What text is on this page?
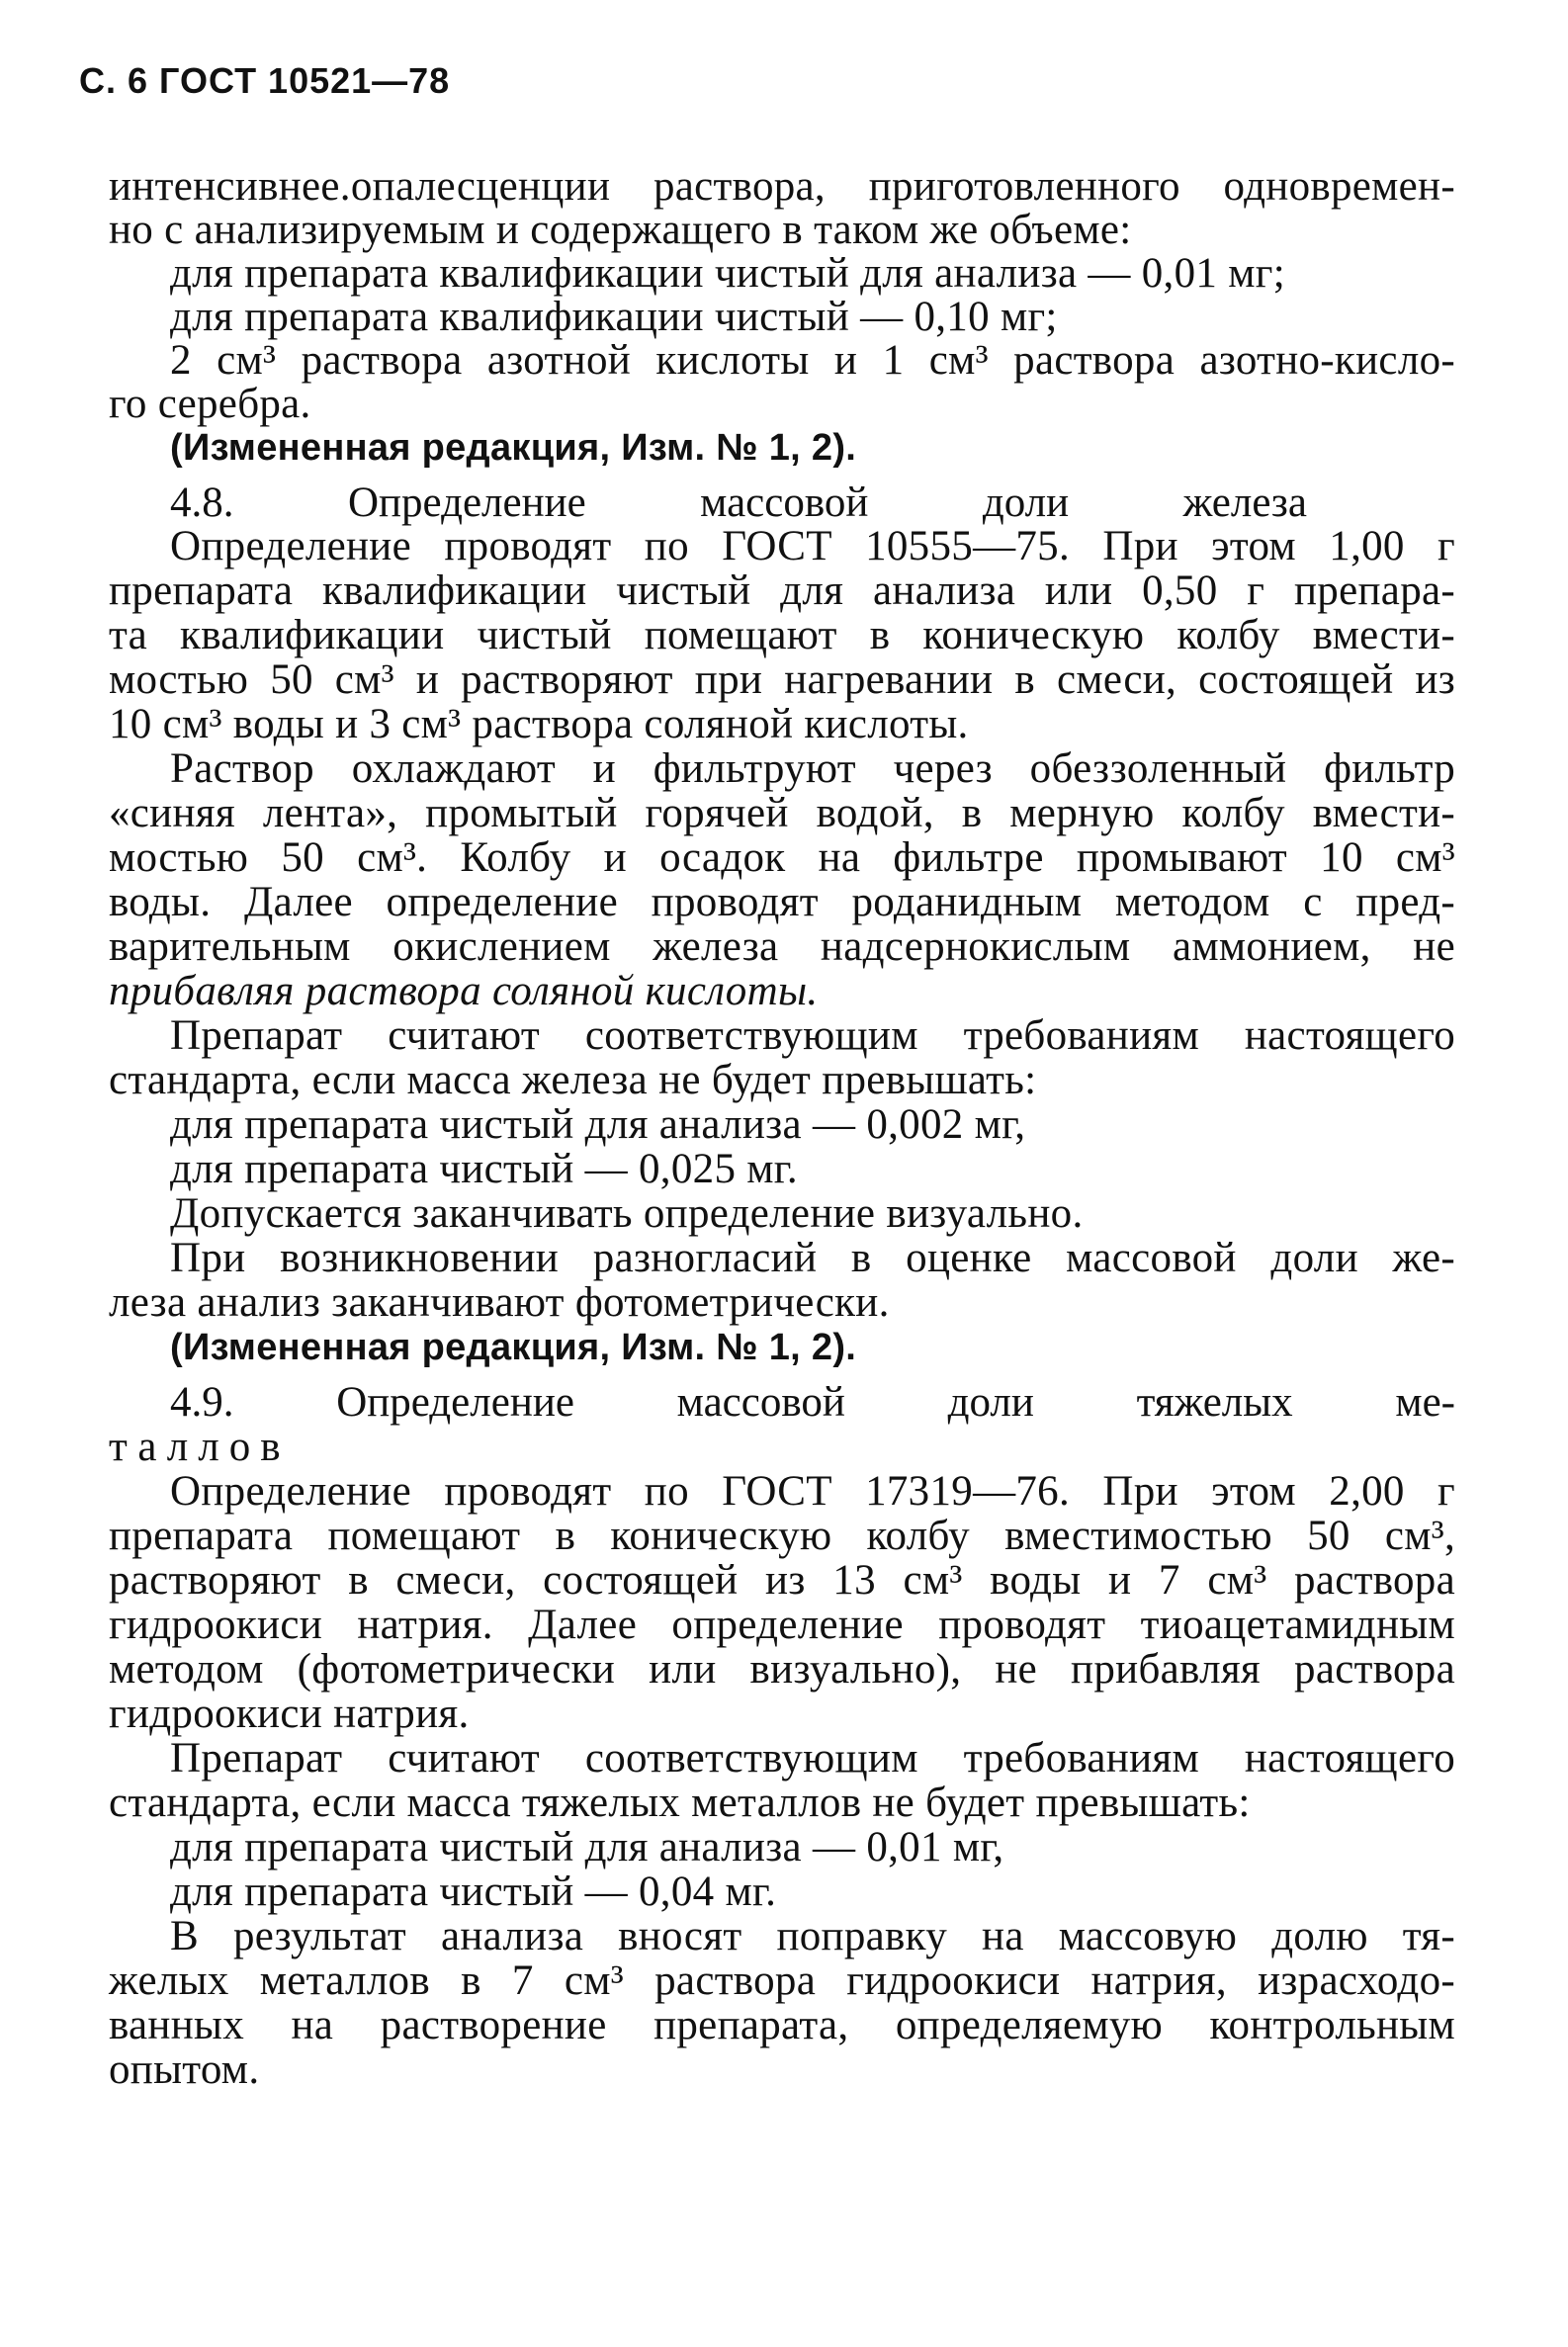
С. 6 ГОСТ 10521—78
интенсивнее.опалесценции раствора, приготовленного одновремен-
но с анализируемым и содержащего в таком же объеме:
для препарата квалификации чистый для анализа — 0,01 мг;
для препарата квалификации чистый — 0,10 мг;
2 см³ раствора азотной кислоты и 1 см³ раствора азотно-кисло-
го серебра.
(Измененная редакция, Изм. № 1, 2).
4.8. Определение массовой доли железа
Определение проводят по ГОСТ 10555—75. При этом 1,00 г
препарата квалификации чистый для анализа или 0,50 г препара-
та квалификации чистый помещают в коническую колбу вмести-
мостью 50 см³ и растворяют при нагревании в смеси, состоящей из
10 см³ воды и 3 см³ раствора соляной кислоты.
Раствор охлаждают и фильтруют через обеззоленный фильтр
«синяя лента», промытый горячей водой, в мерную колбу вмести-
мостью 50 см³. Колбу и осадок на фильтре промывают 10 см³
воды. Далее определение проводят роданидным методом с пред-
варительным окислением железа надсернокислым аммонием, не
прибавляя раствора соляной кислоты.
Препарат считают соответствующим требованиям настоящего
стандарта, если масса железа не будет превышать:
для препарата чистый для анализа — 0,002 мг,
для препарата чистый — 0,025 мг.
Допускается заканчивать определение визуально.
При возникновении разногласий в оценке массовой доли же-
леза анализ заканчивают фотометрически.
(Измененная редакция, Изм. № 1, 2).
4.9. Определение массовой доли тяжелых ме-
таллов
Определение проводят по ГОСТ 17319—76. При этом 2,00 г
препарата помещают в коническую колбу вместимостью 50 см³,
растворяют в смеси, состоящей из 13 см³ воды и 7 см³ раствора
гидроокиси натрия. Далее определение проводят тиоацетамидным
методом (фотометрически или визуально), не прибавляя раствора
гидроокиси натрия.
Препарат считают соответствующим требованиям настоящего
стандарта, если масса тяжелых металлов не будет превышать:
для препарата чистый для анализа — 0,01 мг,
для препарата чистый — 0,04 мг.
В результат анализа вносят поправку на массовую долю тя-
желых металлов в 7 см³ раствора гидроокиси натрия, израсходо-
ванных на растворение препарата, определяемую контрольным
опытом.
